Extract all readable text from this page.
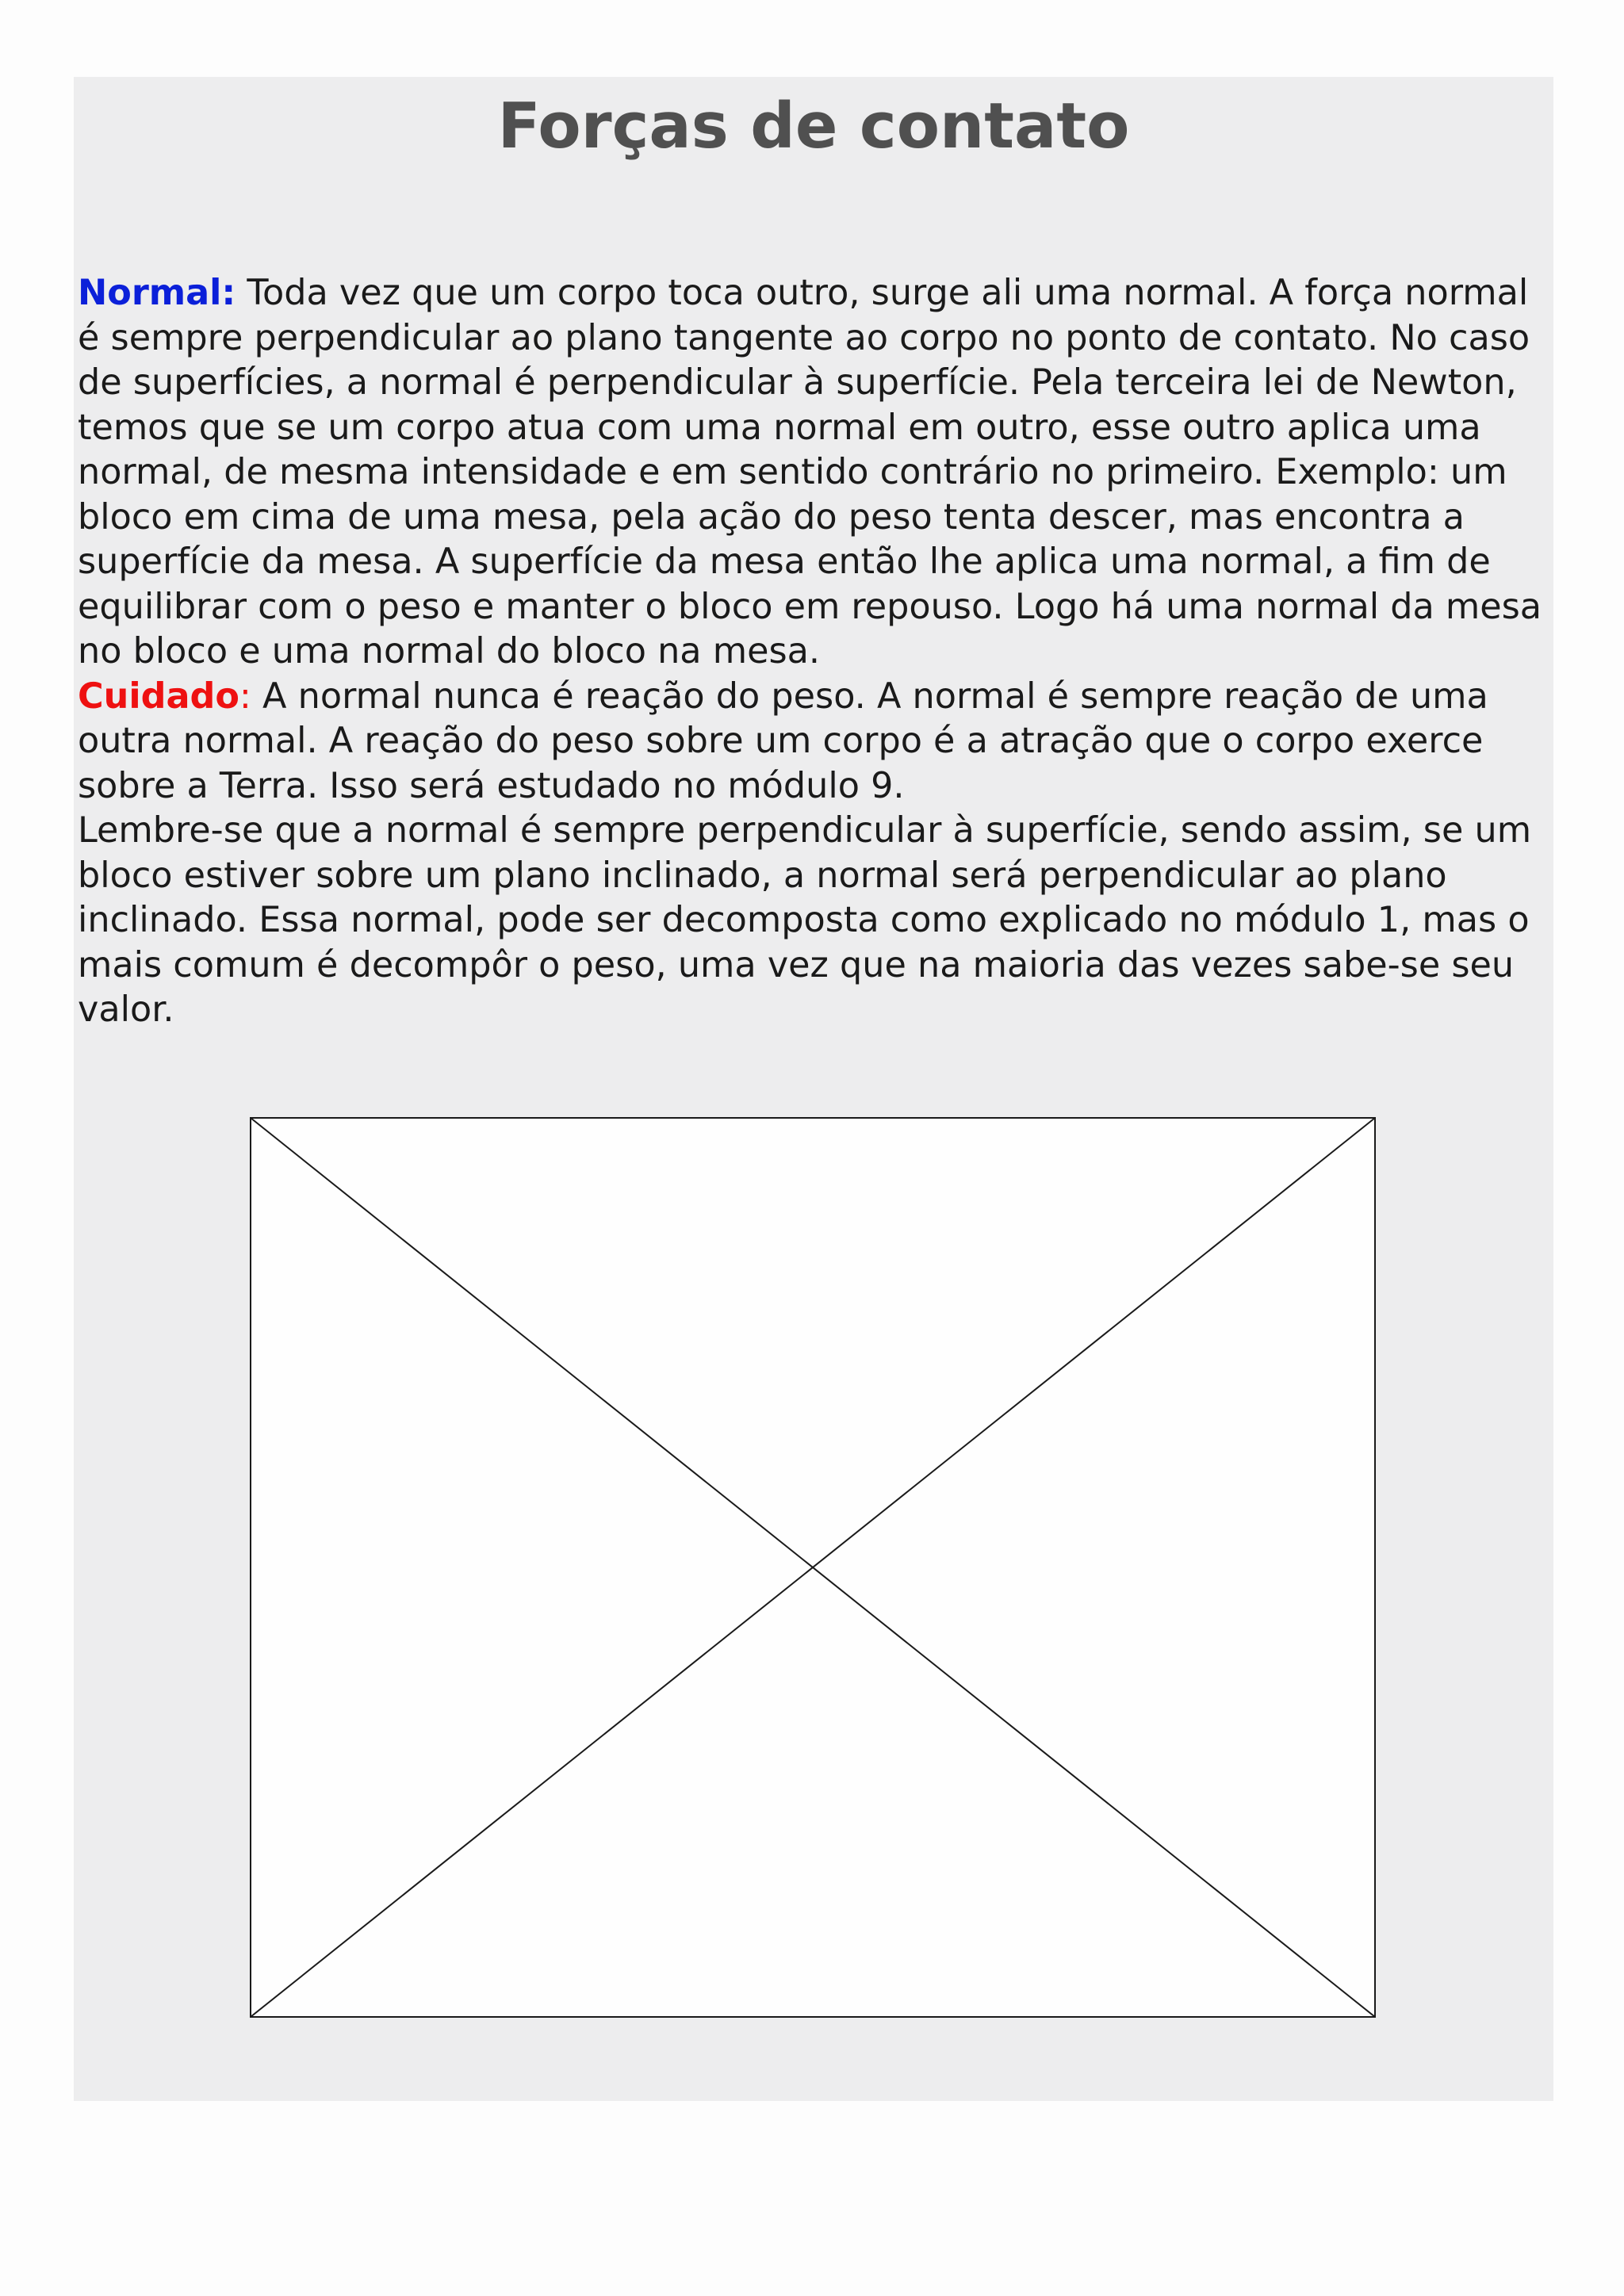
Forças de contato

Normal: Toda vez que um corpo toca outro, surge ali uma normal. A força normal é sempre perpendicular ao plano tangente ao corpo no ponto de contato. No caso de superfícies, a normal é perpendicular à superfície. Pela terceira lei de Newton, temos que se um corpo atua com uma normal em outro, esse outro aplica uma normal, de mesma intensidade e em sentido contrário no primeiro. Exemplo: um bloco em cima de uma mesa, pela ação do peso tenta descer, mas encontra a superfície da mesa. A superfície da mesa então lhe aplica uma normal, a fim de equilibrar com o peso e manter o bloco em repouso. Logo há uma normal da mesa no bloco e uma normal do bloco na mesa.

Cuidado: A normal nunca é reação do peso. A normal é sempre reação de uma outra normal. A reação do peso sobre um corpo é a atração que o corpo exerce sobre a Terra. Isso será estudado no módulo 9.

Lembre-se que a normal é sempre perpendicular à superfície, sendo assim, se um bloco estiver sobre um plano inclinado, a normal será perpendicular ao plano inclinado. Essa normal, pode ser decomposta como explicado no módulo 1, mas o mais comum é decompôr o peso, uma vez que na maioria das vezes sabe-se seu valor.
